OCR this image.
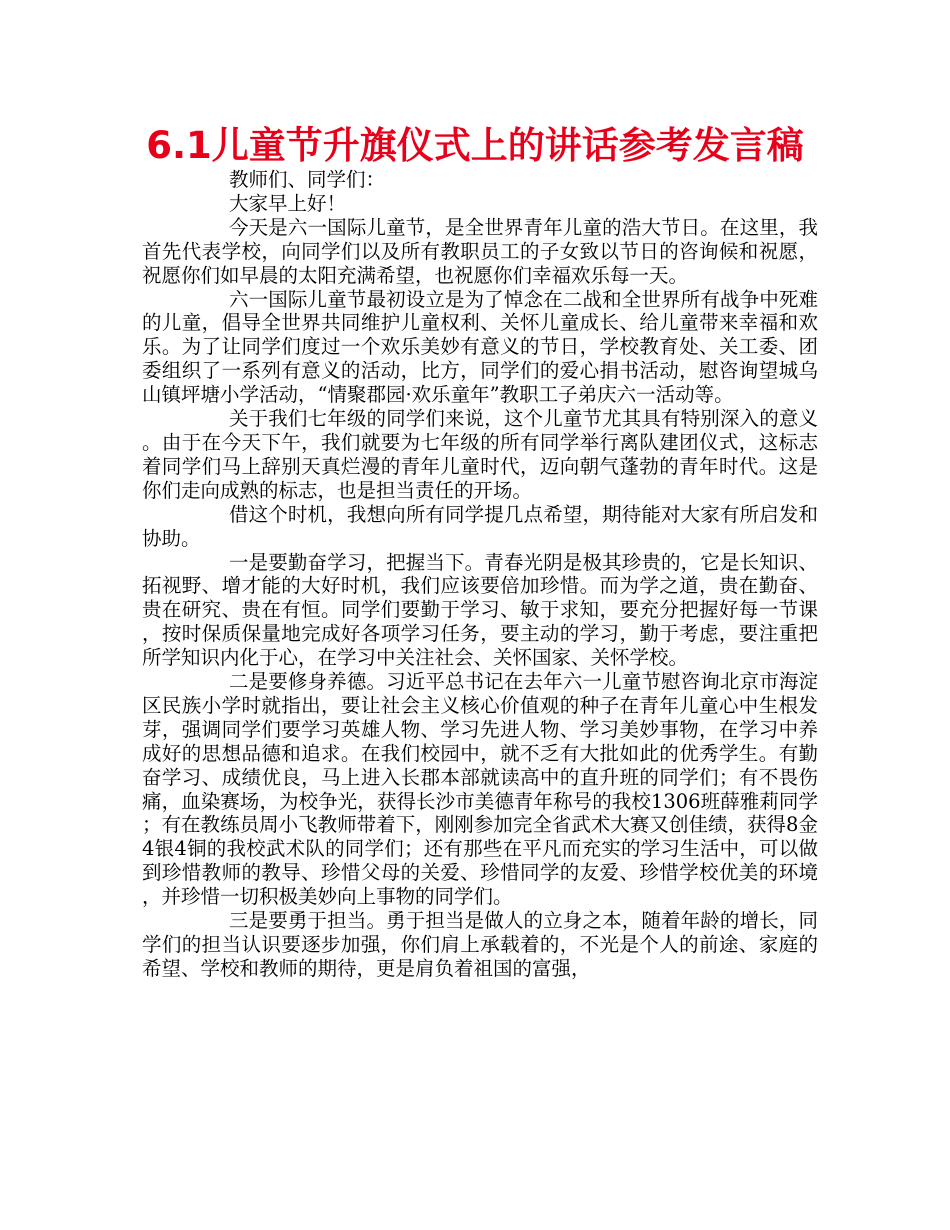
6.1儿童节升旗仪式上的讲话参考发言稿

教师们、同学们：

大家早上好！

今天是六一国际儿童节，是全世界青年儿童的浩大节日。在这里，我首先代表学校，向同学们以及所有教职员工的子女致以节日的咨询候和祝愿，祝愿你们如早晨的太阳充满希望，也祝愿你们幸福欢乐每一天。

六一国际儿童节最初设立是为了悼念在二战和全世界所有战争中死难的儿童，倡导全世界共同维护儿童权利、关怀儿童成长、给儿童带来幸福和欢乐。为了让同学们度过一个欢乐美妙有意义的节日，学校教育处、关工委、团委组织了一系列有意义的活动，比方，同学们的爱心捐书活动，慰咨询望城乌山镇坪塘小学活动，“情聚郡园·欢乐童年”教职工子弟庆六一活动等。

关于我们七年级的同学们来说，这个儿童节尤其具有特别深入的意义。由于在今天下午，我们就要为七年级的所有同学举行离队建团仪式，这标志着同学们马上辞别天真烂漫的青年儿童时代，迈向朝气蓬勃的青年时代。这是你们走向成熟的标志，也是担当责任的开场。

借这个时机，我想向所有同学提几点希望，期待能对大家有所启发和协助。

一是要勤奋学习，把握当下。青春光阴是极其珍贵的，它是长知识、拓视野、增才能的大好时机，我们应该要倍加珍惜。而为学之道，贵在勤奋、贵在研究、贵在有恒。同学们要勤于学习、敏于求知，要充分把握好每一节课，按时保质保量地完成好各项学习任务，要主动的学习，勤于考虑，要注重把所学知识内化于心，在学习中关注社会、关怀国家、关怀学校。

二是要修身养德。习近平总书记在去年六一儿童节慰咨询北京市海淀区民族小学时就指出，要让社会主义核心价值观的种子在青年儿童心中生根发芽，强调同学们要学习英雄人物、学习先进人物、学习美妙事物，在学习中养成好的思想品德和追求。在我们校园中，就不乏有大批如此的优秀学生。有勤奋学习、成绩优良，马上进入长郡本部就读高中的直升班的同学们；有不畏伤痛，血染赛场，为校争光，获得长沙市美德青年称号的我校1306班薛雅莉同学；有在教练员周小飞教师带着下，刚刚参加完全省武术大赛又创佳绩，获得8金4银4铜的我校武术队的同学们；还有那些在平凡而充实的学习生活中，可以做到珍惜教师的教导、珍惜父母的关爱、珍惜同学的友爱、珍惜学校优美的环境，并珍惜一切积极美妙向上事物的同学们。

三是要勇于担当。勇于担当是做人的立身之本，随着年龄的增长，同学们的担当认识要逐步加强，你们肩上承载着的，不光是个人的前途、家庭的希望、学校和教师的期待，更是肩负着祖国的富强，
